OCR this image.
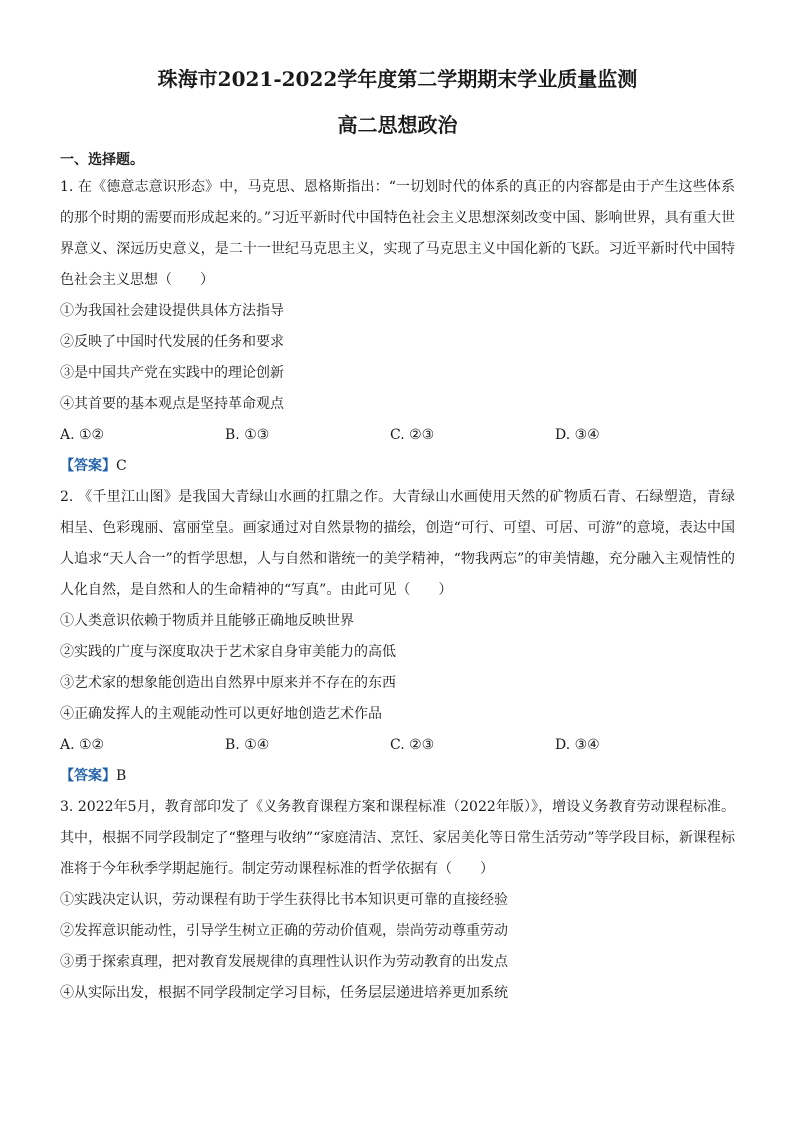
珠海市2021-2022学年度第二学期期末学业质量监测
高二思想政治
一、选择题。

1. 在《德意志意识形态》中，马克思、恩格斯指出：“一切划时代的体系的真正的内容都是由于产生这些体系的那个时期的需要而形成起来的。”习近平新时代中国特色社会主义思想深刻改变中国、影响世界，具有重大世界意义、深远历史意义，是二十一世纪马克思主义，实现了马克思主义中国化新的飞跃。习近平新时代中国特色社会主义思想（　　）

①为我国社会建设提供具体方法指导

②反映了中国时代发展的任务和要求

③是中国共产党在实践中的理论创新

④其首要的基本观点是坚持革命观点

A. ①②	B. ①③	C. ②③	D. ③④
【答案】C

2. 《千里江山图》是我国大青绿山水画的扛鼎之作。大青绿山水画使用天然的矿物质石青、石绿塑造，青绿相呈、色彩瑰丽、富丽堂皇。画家通过对自然景物的描绘，创造“可行、可望、可居、可游”的意境，表达中国人追求“天人合一”的哲学思想，人与自然和谐统一的美学精神，“物我两忘”的审美情趣，充分融入主观情性的人化自然，是自然和人的生命精神的“写真”。由此可见（　　）

①人类意识依赖于物质并且能够正确地反映世界

②实践的广度与深度取决于艺术家自身审美能力的高低

③艺术家的想象能创造出自然界中原来并不存在的东西

④正确发挥人的主观能动性可以更好地创造艺术作品

A. ①②	B. ①④	C. ②③	D. ③④
【答案】B

3. 2022年5月，教育部印发了《义务教育课程方案和课程标准（2022年版）》，增设义务教育劳动课程标准。其中，根据不同学段制定了“整理与收纳”“家庭清洁、烹饪、家居美化等日常生活劳动”等学段目标，新课程标准将于今年秋季学期起施行。制定劳动课程标准的哲学依据有（　　）

①实践决定认识，劳动课程有助于学生获得比书本知识更可靠的直接经验

②发挥意识能动性，引导学生树立正确的劳动价值观，崇尚劳动尊重劳动

③勇于探索真理，把对教育发展规律的真理性认识作为劳动教育的出发点

④从实际出发，根据不同学段制定学习目标，任务层层递进培养更加系统
